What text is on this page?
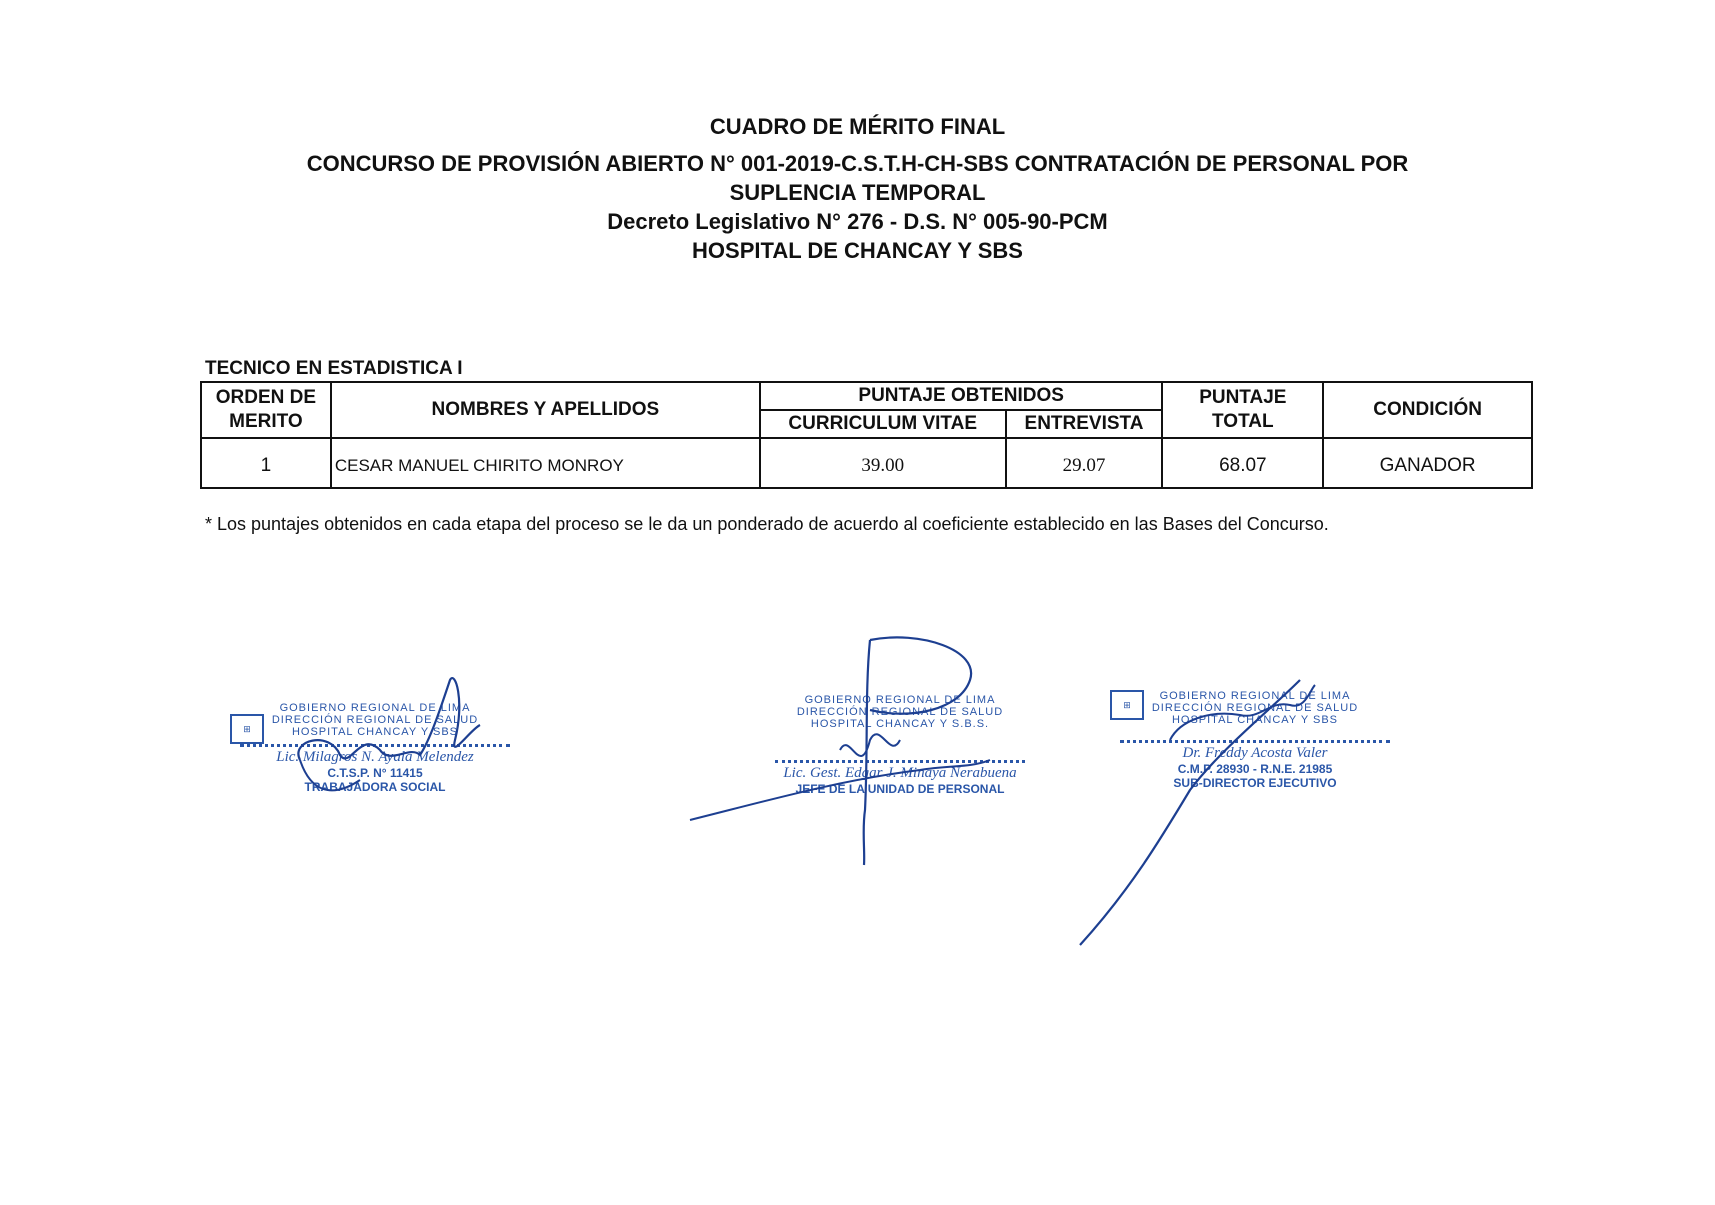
CUADRO DE MÉRITO FINAL
CONCURSO DE PROVISIÓN ABIERTO N° 001-2019-C.S.T.H-CH-SBS CONTRATACIÓN DE PERSONAL POR
SUPLENCIA TEMPORAL
Decreto Legislativo N° 276 - D.S. N° 005-90-PCM
HOSPITAL DE CHANCAY Y SBS
TECNICO EN ESTADISTICA I
ORDEN DE MERITO	NOMBRES Y APELLIDOS	PUNTAJE OBTENIDOS		PUNTAJE TOTAL	CONDICIÓN
		CURRICULUM VITAE	ENTREVISTA		
1	CESAR MANUEL CHIRITO MONROY	39.00	29.07	68.07	GANADOR
* Los puntajes obtenidos en cada etapa del proceso se le da un ponderado de acuerdo al coeficiente establecido en las Bases del Concurso.
⊞
GOBIERNO REGIONAL DE LIMA
DIRECCIÓN REGIONAL DE SALUD
HOSPITAL CHANCAY Y SBS
Lic. Milagros N. Ayala Melendez
C.T.S.P. N° 11415
TRABAJADORA SOCIAL
GOBIERNO REGIONAL DE LIMA
DIRECCIÓN REGIONAL DE SALUD
HOSPITAL CHANCAY Y S.B.S.
Lic. Gest. Edgar J. Minaya Nerabuena
JEFE DE LA UNIDAD DE PERSONAL
⊞
GOBIERNO REGIONAL DE LIMA
DIRECCIÓN REGIONAL DE SALUD
HOSPITAL CHANCAY Y SBS
Dr. Freddy Acosta Valer
C.M.P. 28930 - R.N.E. 21985
SUB-DIRECTOR EJECUTIVO
